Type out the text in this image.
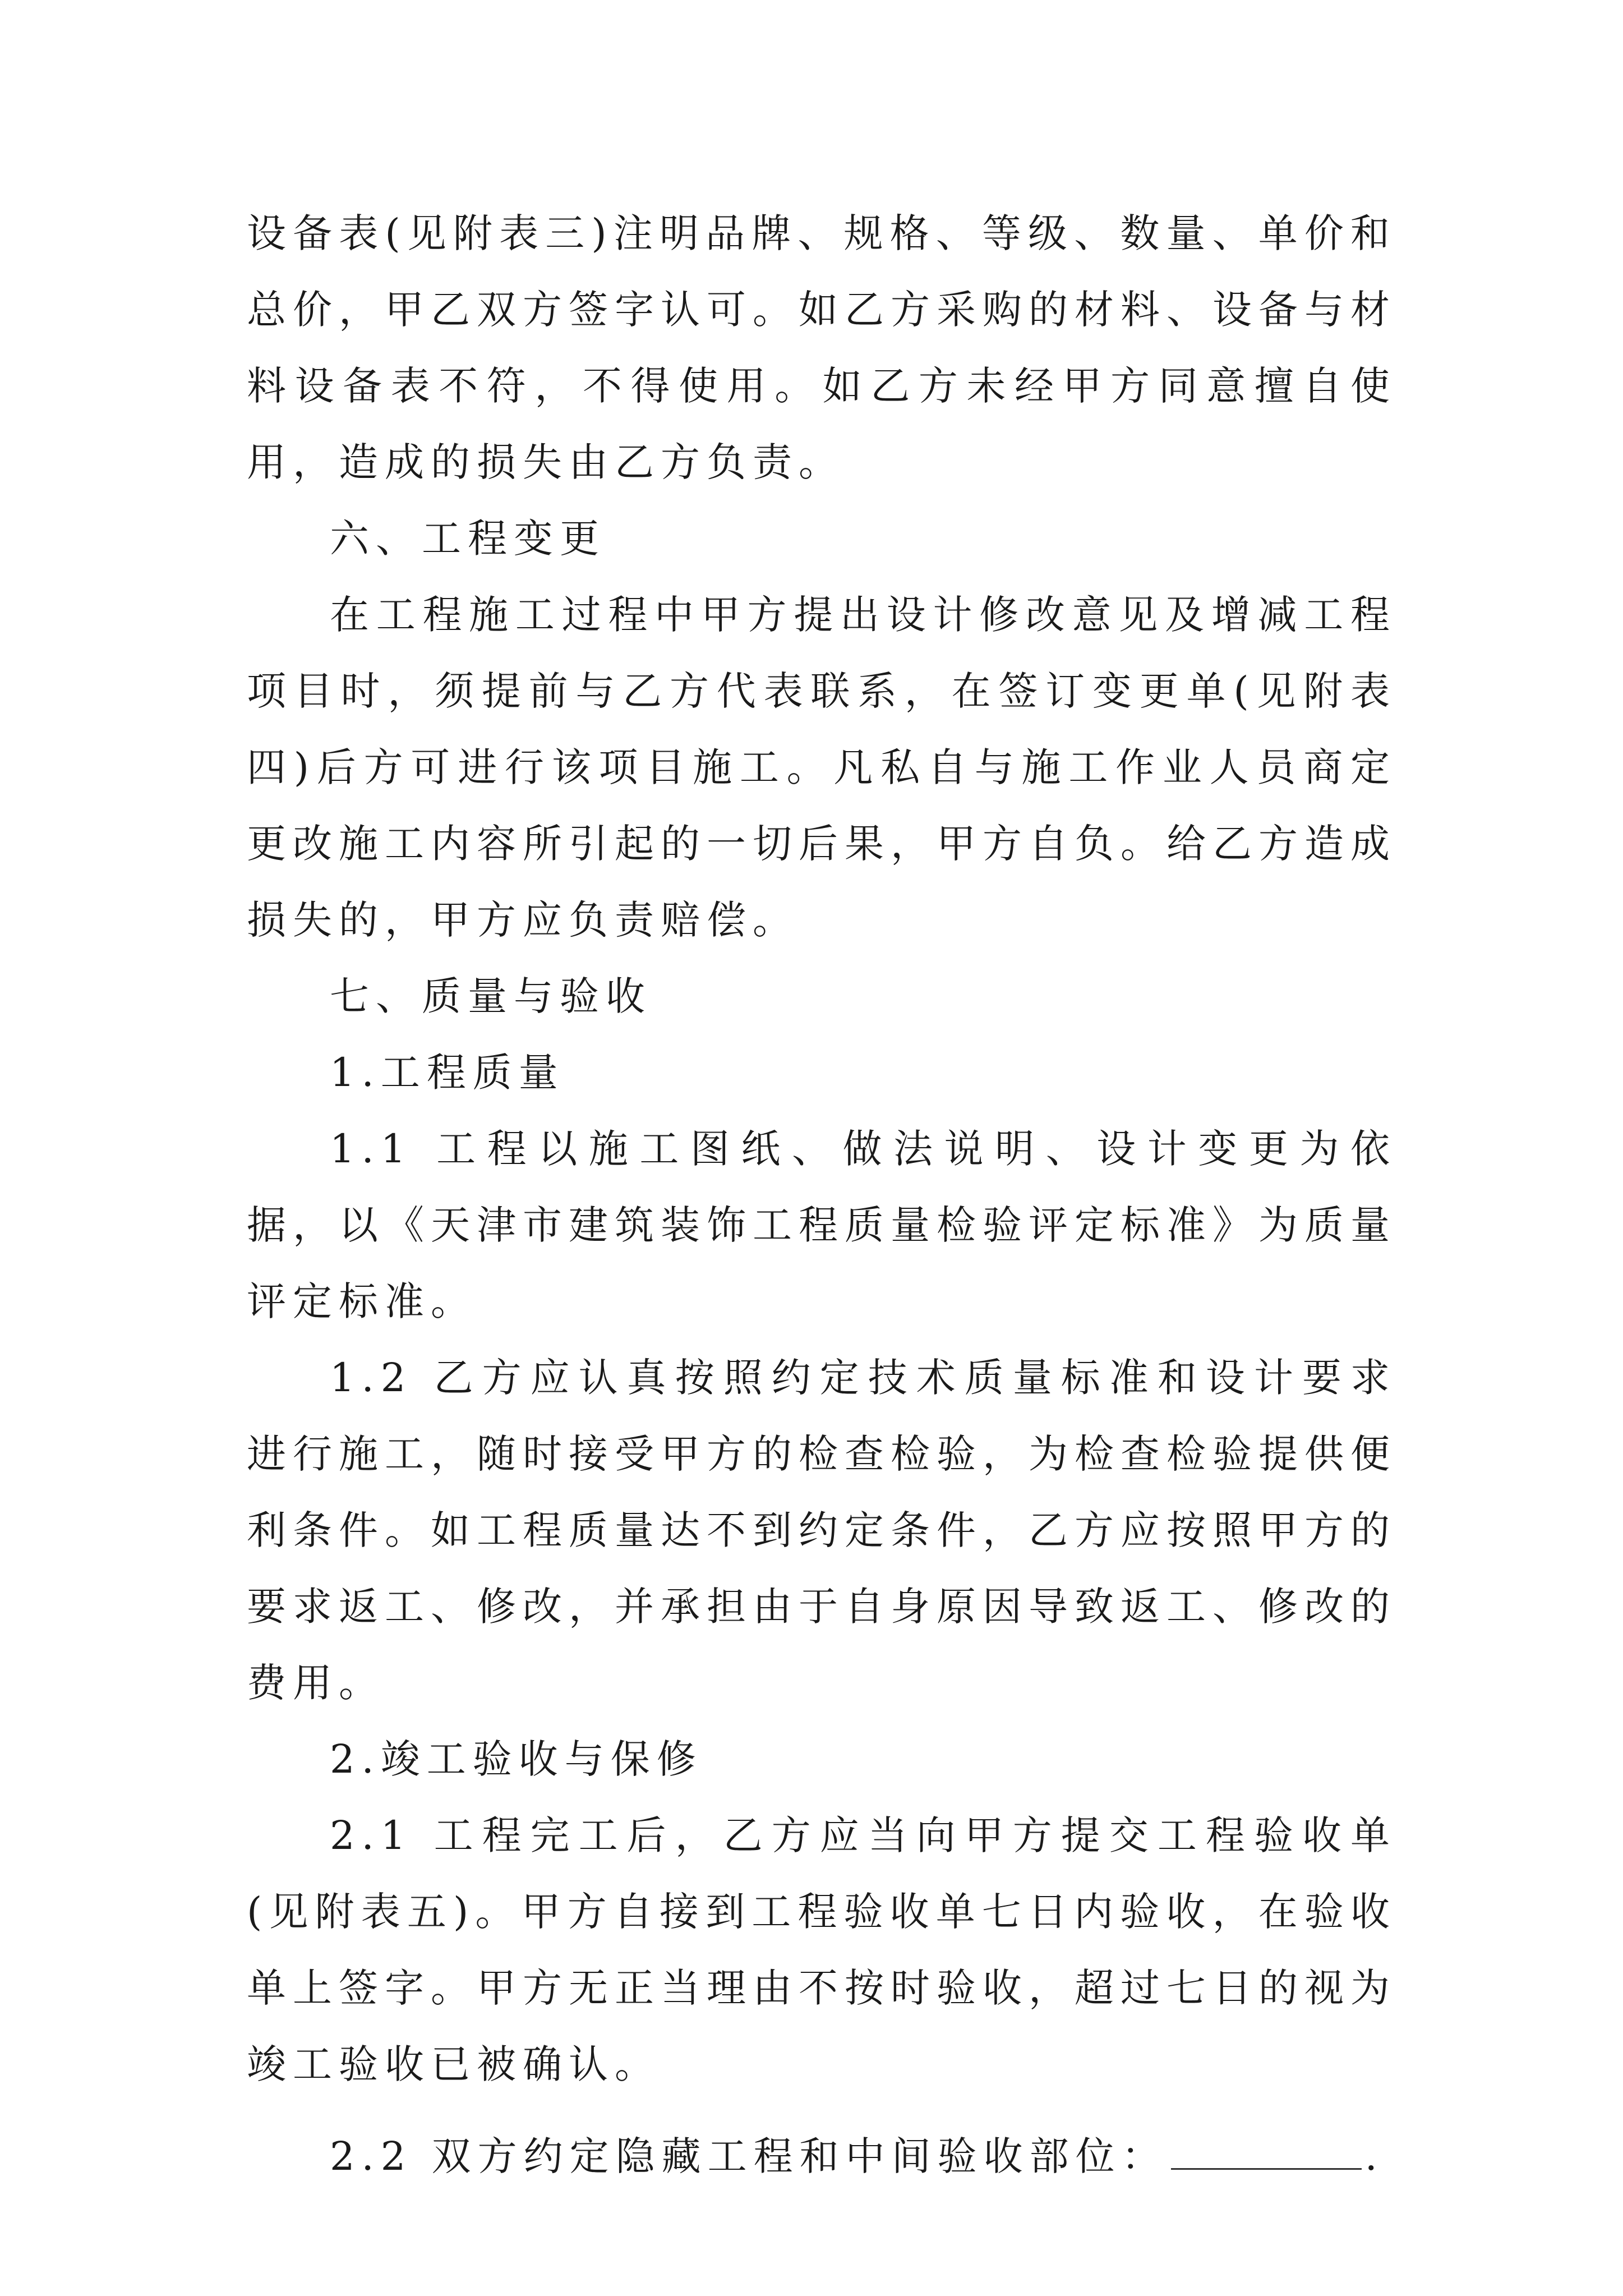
设备表(见附表三)注明品牌、规格、等级、数量、单价和总价，甲乙双方签字认可。如乙方采购的材料、设备与材料设备表不符，不得使用。如乙方未经甲方同意擅自使用，造成的损失由乙方负责。

六、工程变更

在工程施工过程中甲方提出设计修改意见及增减工程项目时，须提前与乙方代表联系，在签订变更单(见附表四)后方可进行该项目施工。凡私自与施工作业人员商定更改施工内容所引起的一切后果，甲方自负。给乙方造成损失的，甲方应负责赔偿。

七、质量与验收

1.工程质量

1.1 工程以施工图纸、做法说明、设计变更为依据，以《天津市建筑装饰工程质量检验评定标准》为质量评定标准。

1.2 乙方应认真按照约定技术质量标准和设计要求进行施工，随时接受甲方的检查检验，为检查检验提供便利条件。如工程质量达不到约定条件，乙方应按照甲方的要求返工、修改，并承担由于自身原因导致返工、修改的费用。

2.竣工验收与保修

2.1 工程完工后，乙方应当向甲方提交工程验收单(见附表五)。甲方自接到工程验收单七日内验收，在验收单上签字。甲方无正当理由不按时验收，超过七日的视为竣工验收已被确认。

2.2 双方约定隐藏工程和中间验收部位：	.
